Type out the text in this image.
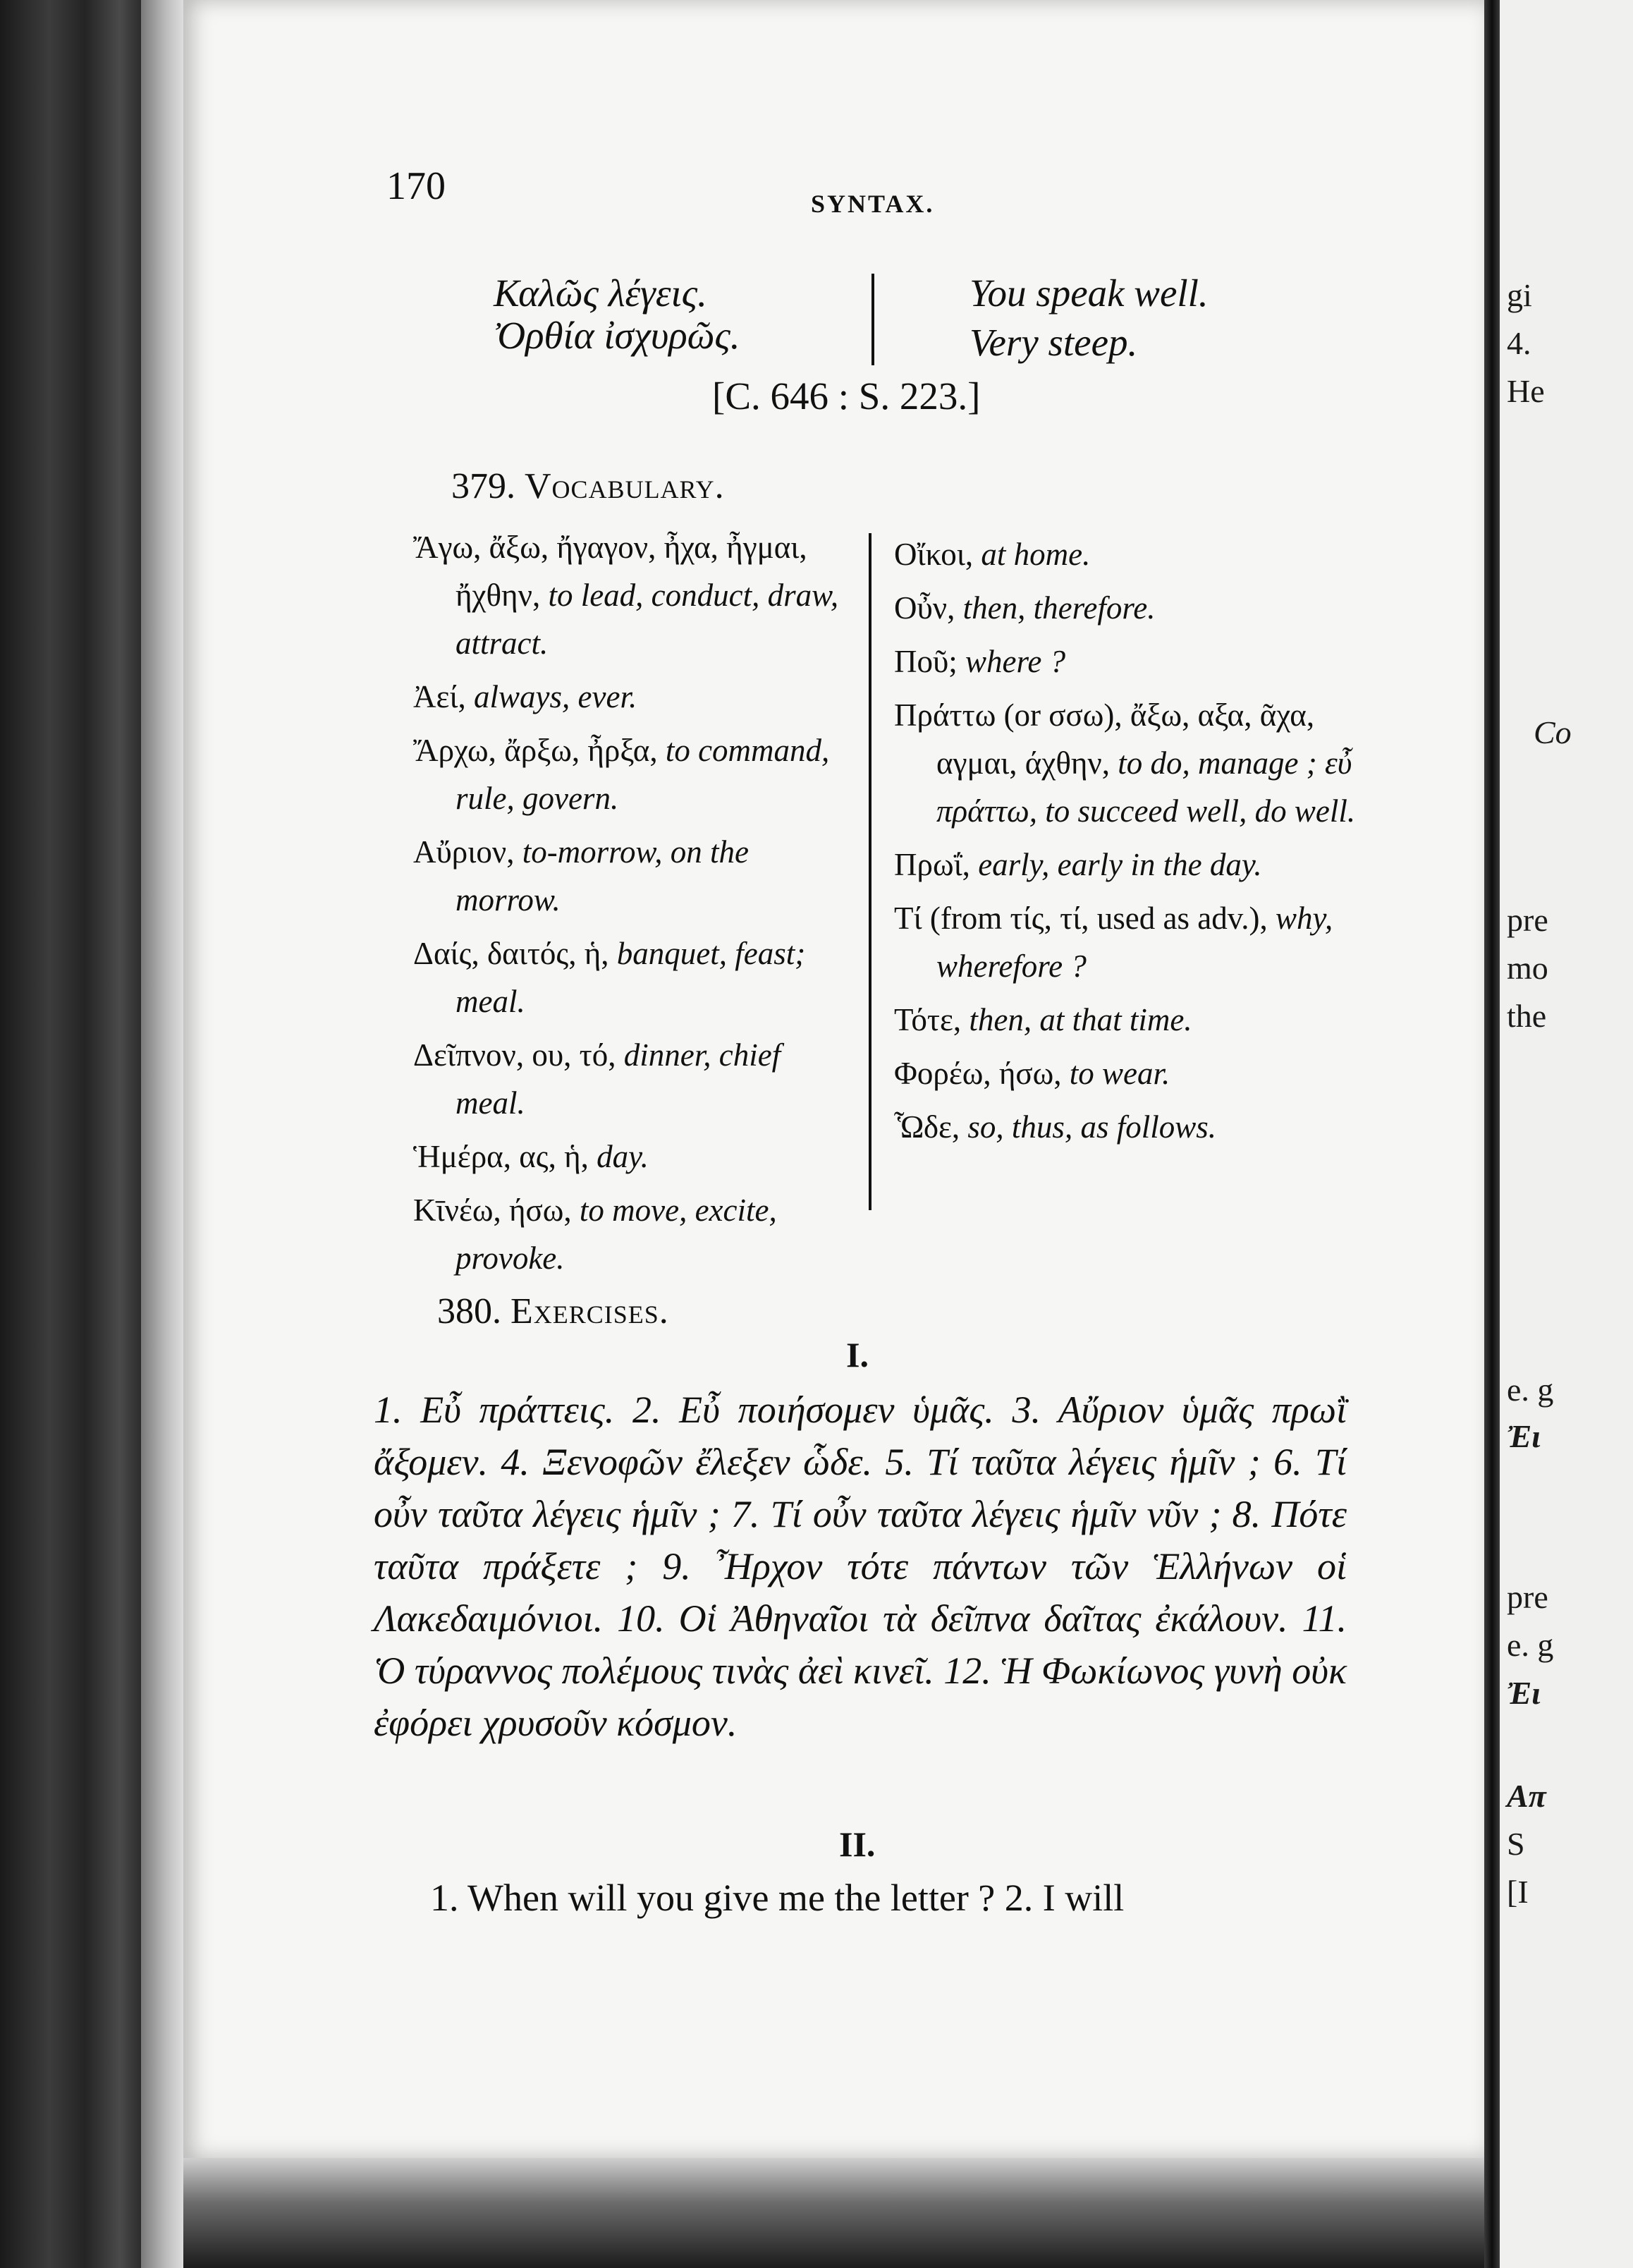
gi
4.
He
Co
pre
mo
the
e. g
Ἐι
pre
e. g
Ἐι
Απ
S
[I
170	SYNTAX.
Καλῶς λέγεις.
Ὀρθία ἰσχυρῶς.
You speak well.
Very steep.
[C. 646 : S. 223.]
379. Vocabulary.
Ἄγω, ἄξω, ἤγαγον, ἦχα, ἦγμαι, ἤχθην, to lead, conduct, draw, attract.
Ἀεί, always, ever.
Ἄρχω, ἄρξω, ἦρξα, to command, rule, govern.
Αὔριον, to-morrow, on the morrow.
Δαίς, δαιτός, ἡ, banquet, feast; meal.
Δεῖπνον, ου, τό, dinner, chief meal.
Ἡμέρα, ας, ἡ, day.
Κῑνέω, ήσω, to move, excite, provoke.
Οἴκοι, at home.
Οὖν, then, therefore.
Ποῦ; where ?
Πράττω (or σσω), ἄξω, αξα, ᾶχα, αγμαι, άχθην, to do, manage ; εὖ πράττω, to succeed well, do well.
Πρωΐ, early, early in the day.
Τί (from τίς, τί, used as adv.), why, wherefore ?
Τότε, then, at that time.
Φορέω, ήσω, to wear.
Ὧδε, so, thus, as follows.
380. Exercises.
I.
1. Εὖ πράττεις. 2. Εὖ ποιήσομεν ὑμᾶς. 3. Αὔριον ὑμᾶς πρωῒ ἄξομεν. 4. Ξενοφῶν ἔλεξεν ὧδε. 5. Τί ταῦτα λέγεις ἡμῖν ; 6. Τί οὖν ταῦτα λέγεις ἡμῖν ; 7. Τί οὖν ταῦτα λέγεις ἡμῖν νῦν ; 8. Πότε ταῦτα πράξετε ; 9. Ἦρχον τότε πάντων τῶν Ἑλλήνων οἱ Λακεδαιμόνιοι. 10. Οἱ Ἀθηναῖοι τὰ δεῖπνα δαῖτας ἐκάλουν. 11. Ὁ τύραννος πολέμους τινὰς ἀεὶ κινεῖ. 12. Ἡ Φωκίωνος γυνὴ οὐκ ἐφόρει χρυσοῦν κόσμον.
II.
1. When will you give me the letter ? 2. I will
